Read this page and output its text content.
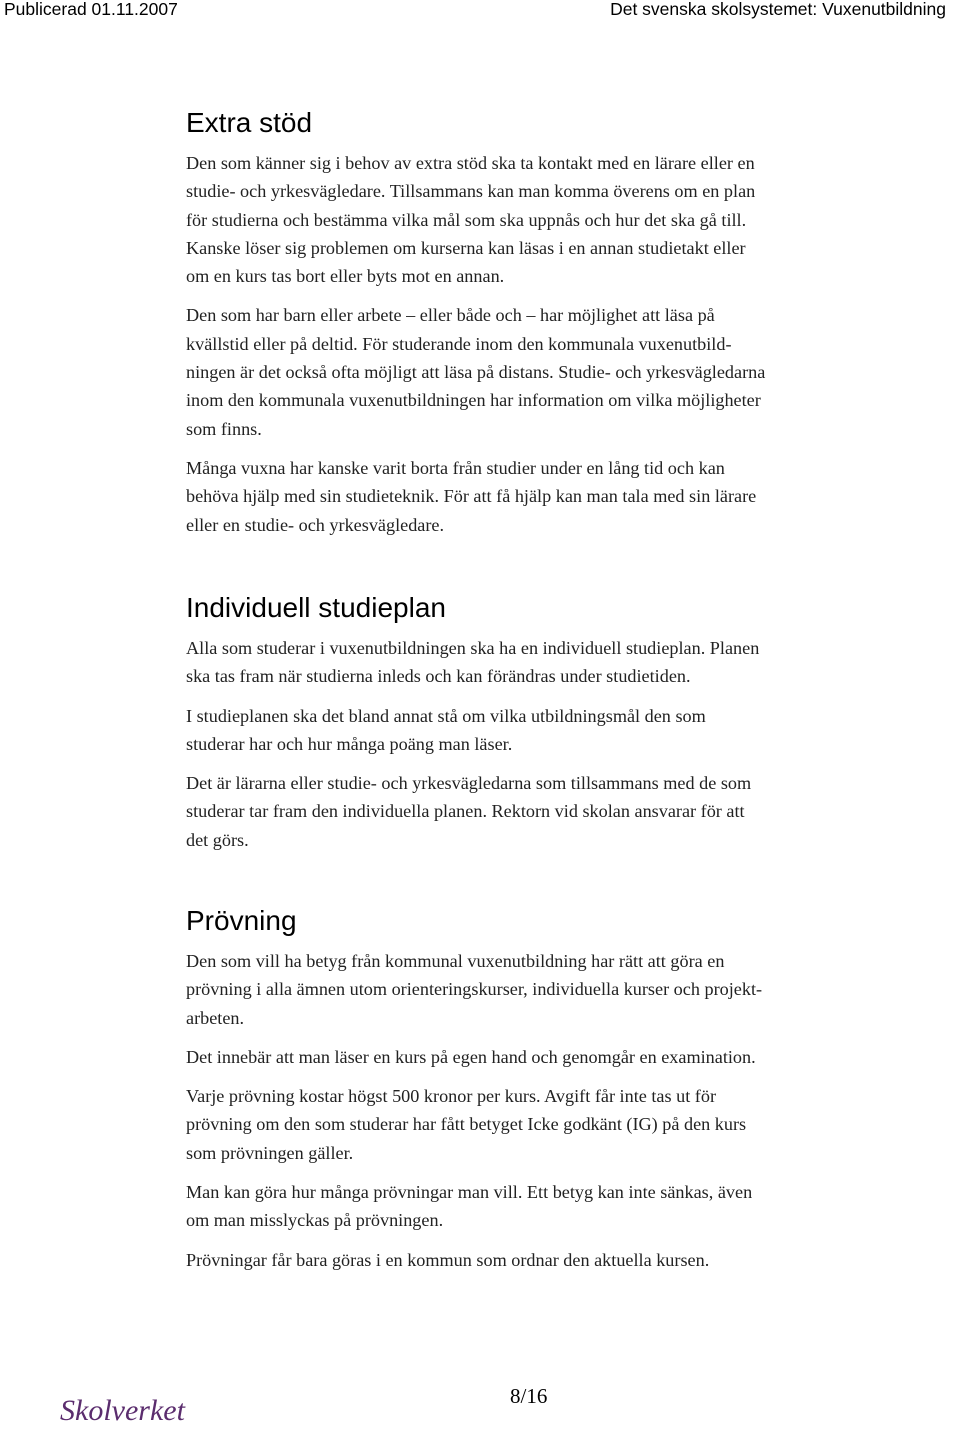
Publicerad 01.11.2007	Det svenska skolsystemet: Vuxenutbildning
Extra stöd

Den som känner sig i behov av extra stöd ska ta kontakt med en lärare eller en
studie- och yrkesvägledare. Tillsammans kan man komma överens om en plan
för studierna och bestämma vilka mål som ska uppnås och hur det ska gå till.
Kanske löser sig problemen om kurserna kan läsas i en annan studietakt eller
om en kurs tas bort eller byts mot en annan.

Den som har barn eller arbete – eller både och – har möjlighet att läsa på
kvällstid eller på deltid. För studerande inom den kommunala vuxenutbild-
ningen är det också ofta möjligt att läsa på distans. Studie- och yrkesvägledarna
inom den kommunala vuxenutbildningen har information om vilka möjligheter
som finns.

Många vuxna har kanske varit borta från studier under en lång tid och kan
behöva hjälp med sin studieteknik. För att få hjälp kan man tala med sin lärare
eller en studie- och yrkesvägledare.

Individuell studieplan

Alla som studerar i vuxenutbildningen ska ha en individuell studieplan. Planen
ska tas fram när studierna inleds och kan förändras under studietiden.

I studieplanen ska det bland annat stå om vilka utbildningsmål den som
studerar har och hur många poäng man läser.

Det är lärarna eller studie- och yrkesvägledarna som tillsammans med de som
studerar tar fram den individuella planen. Rektorn vid skolan ansvarar för att
det görs.

Prövning

Den som vill ha betyg från kommunal vuxenutbildning har rätt att göra en
prövning i alla ämnen utom orienteringskurser, individuella kurser och projekt-
arbeten.

Det innebär att man läser en kurs på egen hand och genomgår en examination.

Varje prövning kostar högst 500 kronor per kurs. Avgift får inte tas ut för
prövning om den som studerar har fått betyget Icke godkänt (IG) på den kurs
som prövningen gäller.

Man kan göra hur många prövningar man vill. Ett betyg kan inte sänkas, även
om man misslyckas på prövningen.

Prövningar får bara göras i en kommun som ordnar den aktuella kursen.

Skolverket	8/16
